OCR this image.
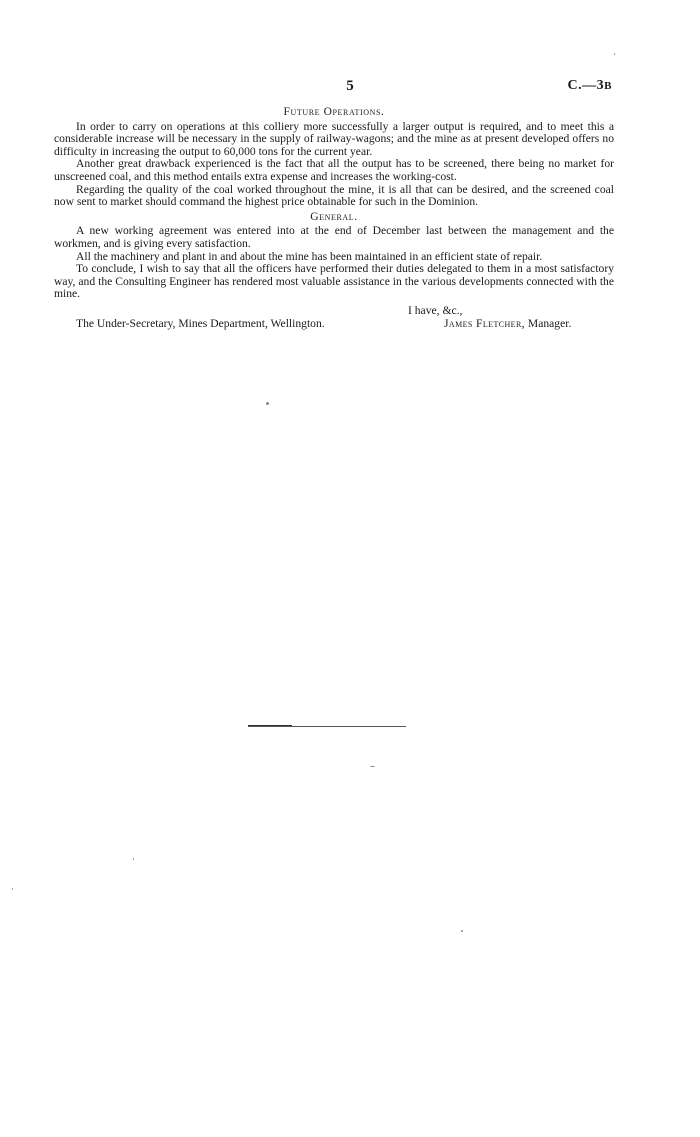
5	C.—3B
Future Operations.

In order to carry on operations at this colliery more successfully a larger output is required, and to meet this a considerable increase will be necessary in the supply of railway-wagons; and the mine as at present developed offers no difficulty in increasing the output to 60,000 tons for the current year.

Another great drawback experienced is the fact that all the output has to be screened, there being no market for unscreened coal, and this method entails extra expense and increases the working-cost.

Regarding the quality of the coal worked throughout the mine, it is all that can be desired, and the screened coal now sent to market should command the highest price obtainable for such in the Dominion.

General.

A new working agreement was entered into at the end of December last between the management and the workmen, and is giving every satisfaction.

All the machinery and plant in and about the mine has been maintained in an efficient state of repair.

To conclude, I wish to say that all the officers have performed their duties delegated to them in a most satisfactory way, and the Consulting Engineer has rendered most valuable assistance in the various developments connected with the mine.

I have, &c.,
The Under-Secretary, Mines Department, Wellington.	James Fletcher, Manager.
